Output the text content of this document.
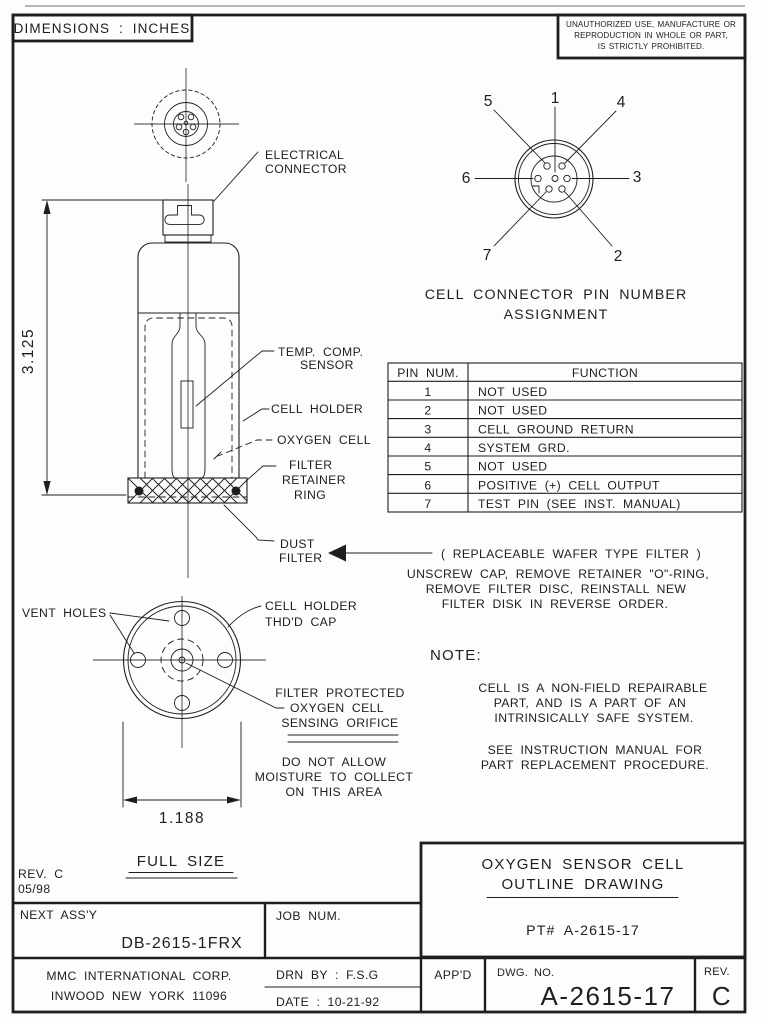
DIMENSIONS : INCHES	UNAUTHORIZED USE, MANUFACTURE OR
REPRODUCTION IN WHOLE OR PART,
IS STRICTLY PROHIBITED.
3.125
ELECTRICAL
CONNECTOR
TEMP. COMP.
SENSOR
CELL HOLDER
OXYGEN CELL
FILTER
RETAINER
RING
DUST
FILTER	( REPLACEABLE WAFER TYPE FILTER )
UNSCREW CAP, REMOVE RETAINER "O"-RING,
REMOVE FILTER DISC, REINSTALL NEW
FILTER DISK IN REVERSE ORDER.
1
2
3
4
5
6
7
CELL CONNECTOR PIN NUMBER
ASSIGNMENT
PIN NUM.	FUNCTION
1	NOT USED
2	NOT USED
3	CELL GROUND RETURN
4	SYSTEM GRD.
5	NOT USED
6	POSITIVE (+) CELL OUTPUT
7	TEST PIN (SEE INST. MANUAL)
NOTE:
CELL IS A NON-FIELD REPAIRABLE
PART, AND IS A PART OF AN
INTRINSICALLY SAFE SYSTEM.
SEE INSTRUCTION MANUAL FOR
PART REPLACEMENT PROCEDURE.
VENT HOLES	CELL HOLDER
THD'D CAP
FILTER PROTECTED
OXYGEN CELL
SENSING ORIFICE
DO NOT ALLOW
MOISTURE TO COLLECT
ON THIS AREA
1.188
FULL SIZE
REV. C
05/98
OXYGEN SENSOR CELL
OUTLINE DRAWING
PT# A-2615-17
NEXT ASS'Y
DB-2615-1FRX
JOB NUM.
MMC INTERNATIONAL CORP.
INWOOD NEW YORK 11096
DRN BY : F.S.G
DATE : 10-21-92
APP'D DWG. NO.
A-2615-17
REV.
C
